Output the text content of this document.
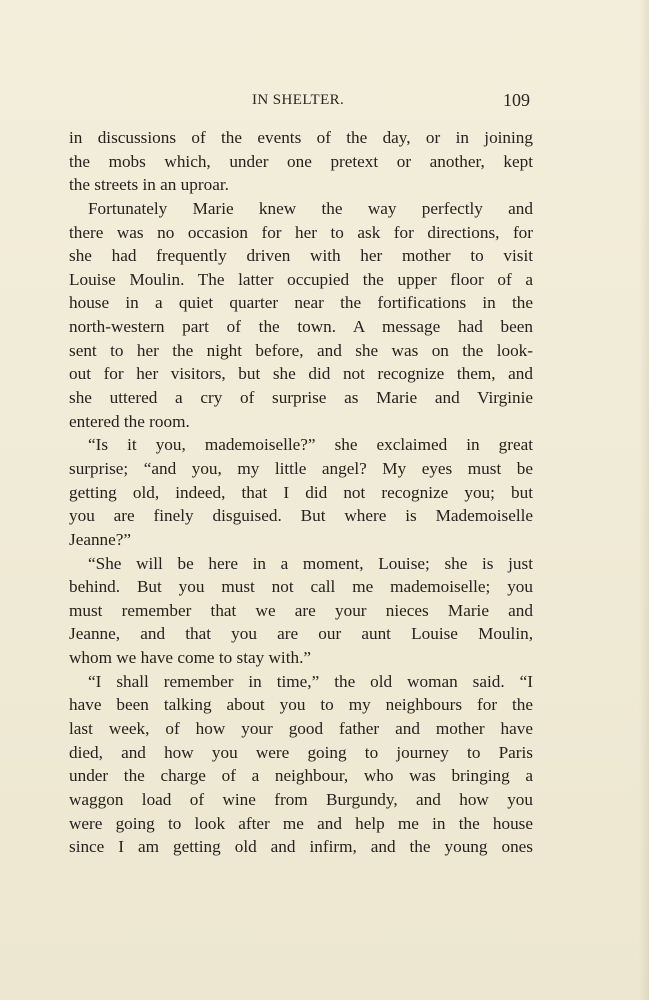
IN SHELTER.	109
in discussions of the events of the day, or in joining
the mobs which, under one pretext or another, kept
the streets in an uproar.
Fortunately Marie knew the way perfectly and
there was no occasion for her to ask for directions, for
she had frequently driven with her mother to visit
Louise Moulin. The latter occupied the upper floor of a
house in a quiet quarter near the fortifications in the
north-western part of the town. A message had been
sent to her the night before, and she was on the look-
out for her visitors, but she did not recognize them, and
she uttered a cry of surprise as Marie and Virginie
entered the room.
“Is it you, mademoiselle?” she exclaimed in great
surprise; “and you, my little angel? My eyes must be
getting old, indeed, that I did not recognize you; but
you are finely disguised. But where is Mademoiselle
Jeanne?”
“She will be here in a moment, Louise; she is just
behind. But you must not call me mademoiselle; you
must remember that we are your nieces Marie and
Jeanne, and that you are our aunt Louise Moulin,
whom we have come to stay with.”
“I shall remember in time,” the old woman said. “I
have been talking about you to my neighbours for the
last week, of how your good father and mother have
died, and how you were going to journey to Paris
under the charge of a neighbour, who was bringing a
waggon load of wine from Burgundy, and how you
were going to look after me and help me in the house
since I am getting old and infirm, and the young ones
